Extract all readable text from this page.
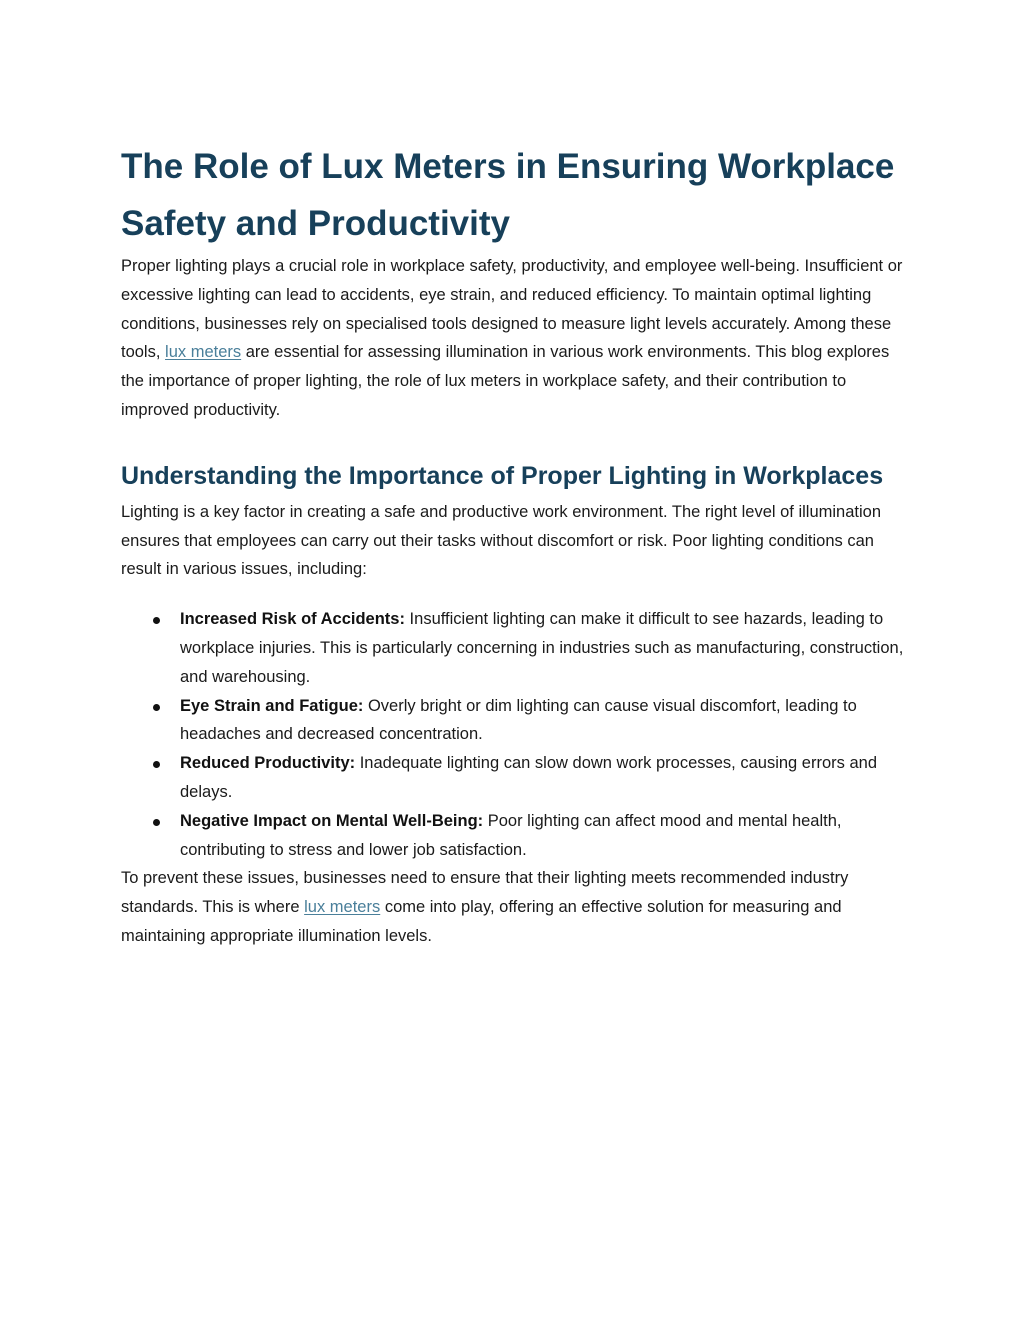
The Role of Lux Meters in Ensuring Workplace Safety and Productivity

Proper lighting plays a crucial role in workplace safety, productivity, and employee well-being. Insufficient or excessive lighting can lead to accidents, eye strain, and reduced efficiency. To maintain optimal lighting conditions, businesses rely on specialised tools designed to measure light levels accurately. Among these tools, lux meters are essential for assessing illumination in various work environments. This blog explores the importance of proper lighting, the role of lux meters in workplace safety, and their contribution to improved productivity.

Understanding the Importance of Proper Lighting in Workplaces

Lighting is a key factor in creating a safe and productive work environment. The right level of illumination ensures that employees can carry out their tasks without discomfort or risk. Poor lighting conditions can result in various issues, including:

Increased Risk of Accidents: Insufficient lighting can make it difficult to see hazards, leading to workplace injuries. This is particularly concerning in industries such as manufacturing, construction, and warehousing.
Eye Strain and Fatigue: Overly bright or dim lighting can cause visual discomfort, leading to headaches and decreased concentration.
Reduced Productivity: Inadequate lighting can slow down work processes, causing errors and delays.
Negative Impact on Mental Well-Being: Poor lighting can affect mood and mental health, contributing to stress and lower job satisfaction.

To prevent these issues, businesses need to ensure that their lighting meets recommended industry standards. This is where lux meters come into play, offering an effective solution for measuring and maintaining appropriate illumination levels.
